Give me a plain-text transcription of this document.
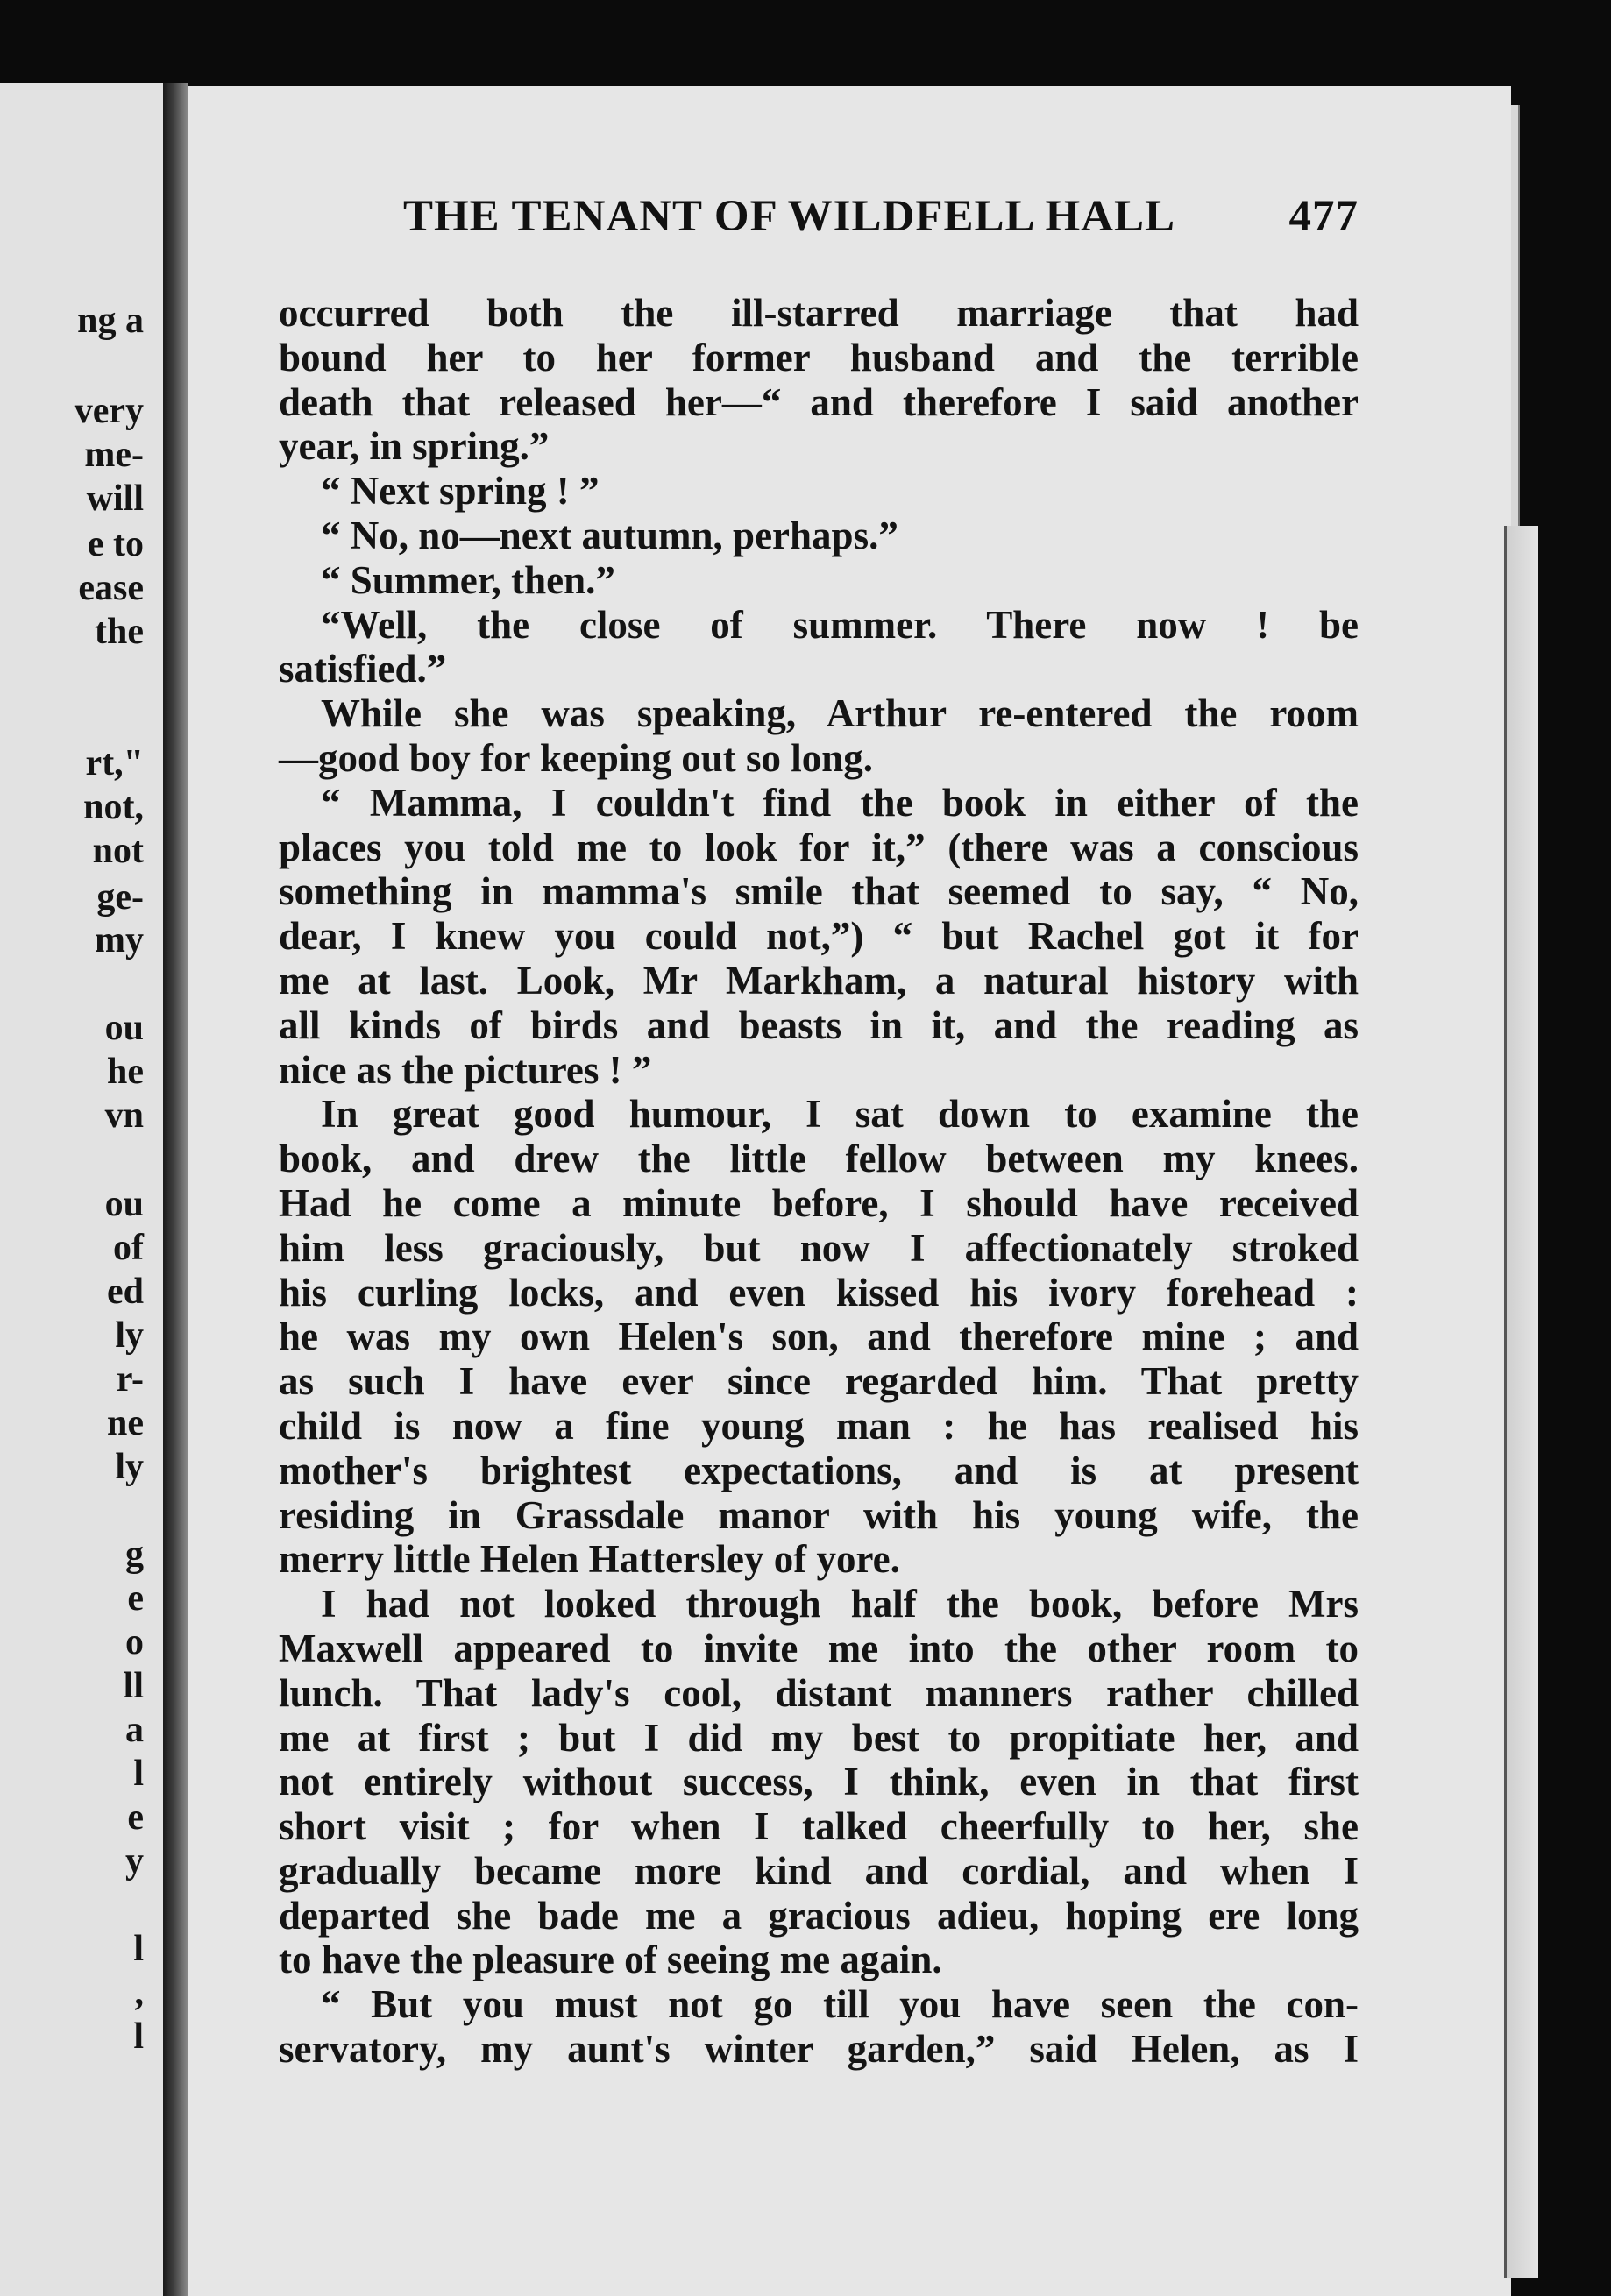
ng a
very
me-
will
e to
ease
the
rt,"
not,
not
ge-
my
ou
he
vn
ou
of
ed
ly
r-
ne
ly
g
e
o
ll
a
l
e
y
l
,
l
THE TENANT OF WILDFELL HALL	477
occurred both the ill-starred marriage that had
bound her to her former husband and the terrible
death that released her—“ and therefore I said another
year, in spring.”
“ Next spring ! ”
“ No, no—next autumn, perhaps.”
“ Summer, then.”
“Well, the close of summer. There now ! be
satisfied.”
While she was speaking, Arthur re-entered the room
—good boy for keeping out so long.
“ Mamma, I couldn't find the book in either of the
places you told me to look for it,” (there was a conscious
something in mamma's smile that seemed to say, “ No,
dear, I knew you could not,”) “ but Rachel got it for
me at last. Look, Mr Markham, a natural history with
all kinds of birds and beasts in it, and the reading as
nice as the pictures ! ”
In great good humour, I sat down to examine the
book, and drew the little fellow between my knees.
Had he come a minute before, I should have received
him less graciously, but now I affectionately stroked
his curling locks, and even kissed his ivory forehead :
he was my own Helen's son, and therefore mine ; and
as such I have ever since regarded him. That pretty
child is now a fine young man : he has realised his
mother's brightest expectations, and is at present
residing in Grassdale manor with his young wife, the
merry little Helen Hattersley of yore.
I had not looked through half the book, before Mrs
Maxwell appeared to invite me into the other room to
lunch. That lady's cool, distant manners rather chilled
me at first ; but I did my best to propitiate her, and
not entirely without success, I think, even in that first
short visit ; for when I talked cheerfully to her, she
gradually became more kind and cordial, and when I
departed she bade me a gracious adieu, hoping ere long
to have the pleasure of seeing me again.
“ But you must not go till you have seen the con-
servatory, my aunt's winter garden,” said Helen, as I
